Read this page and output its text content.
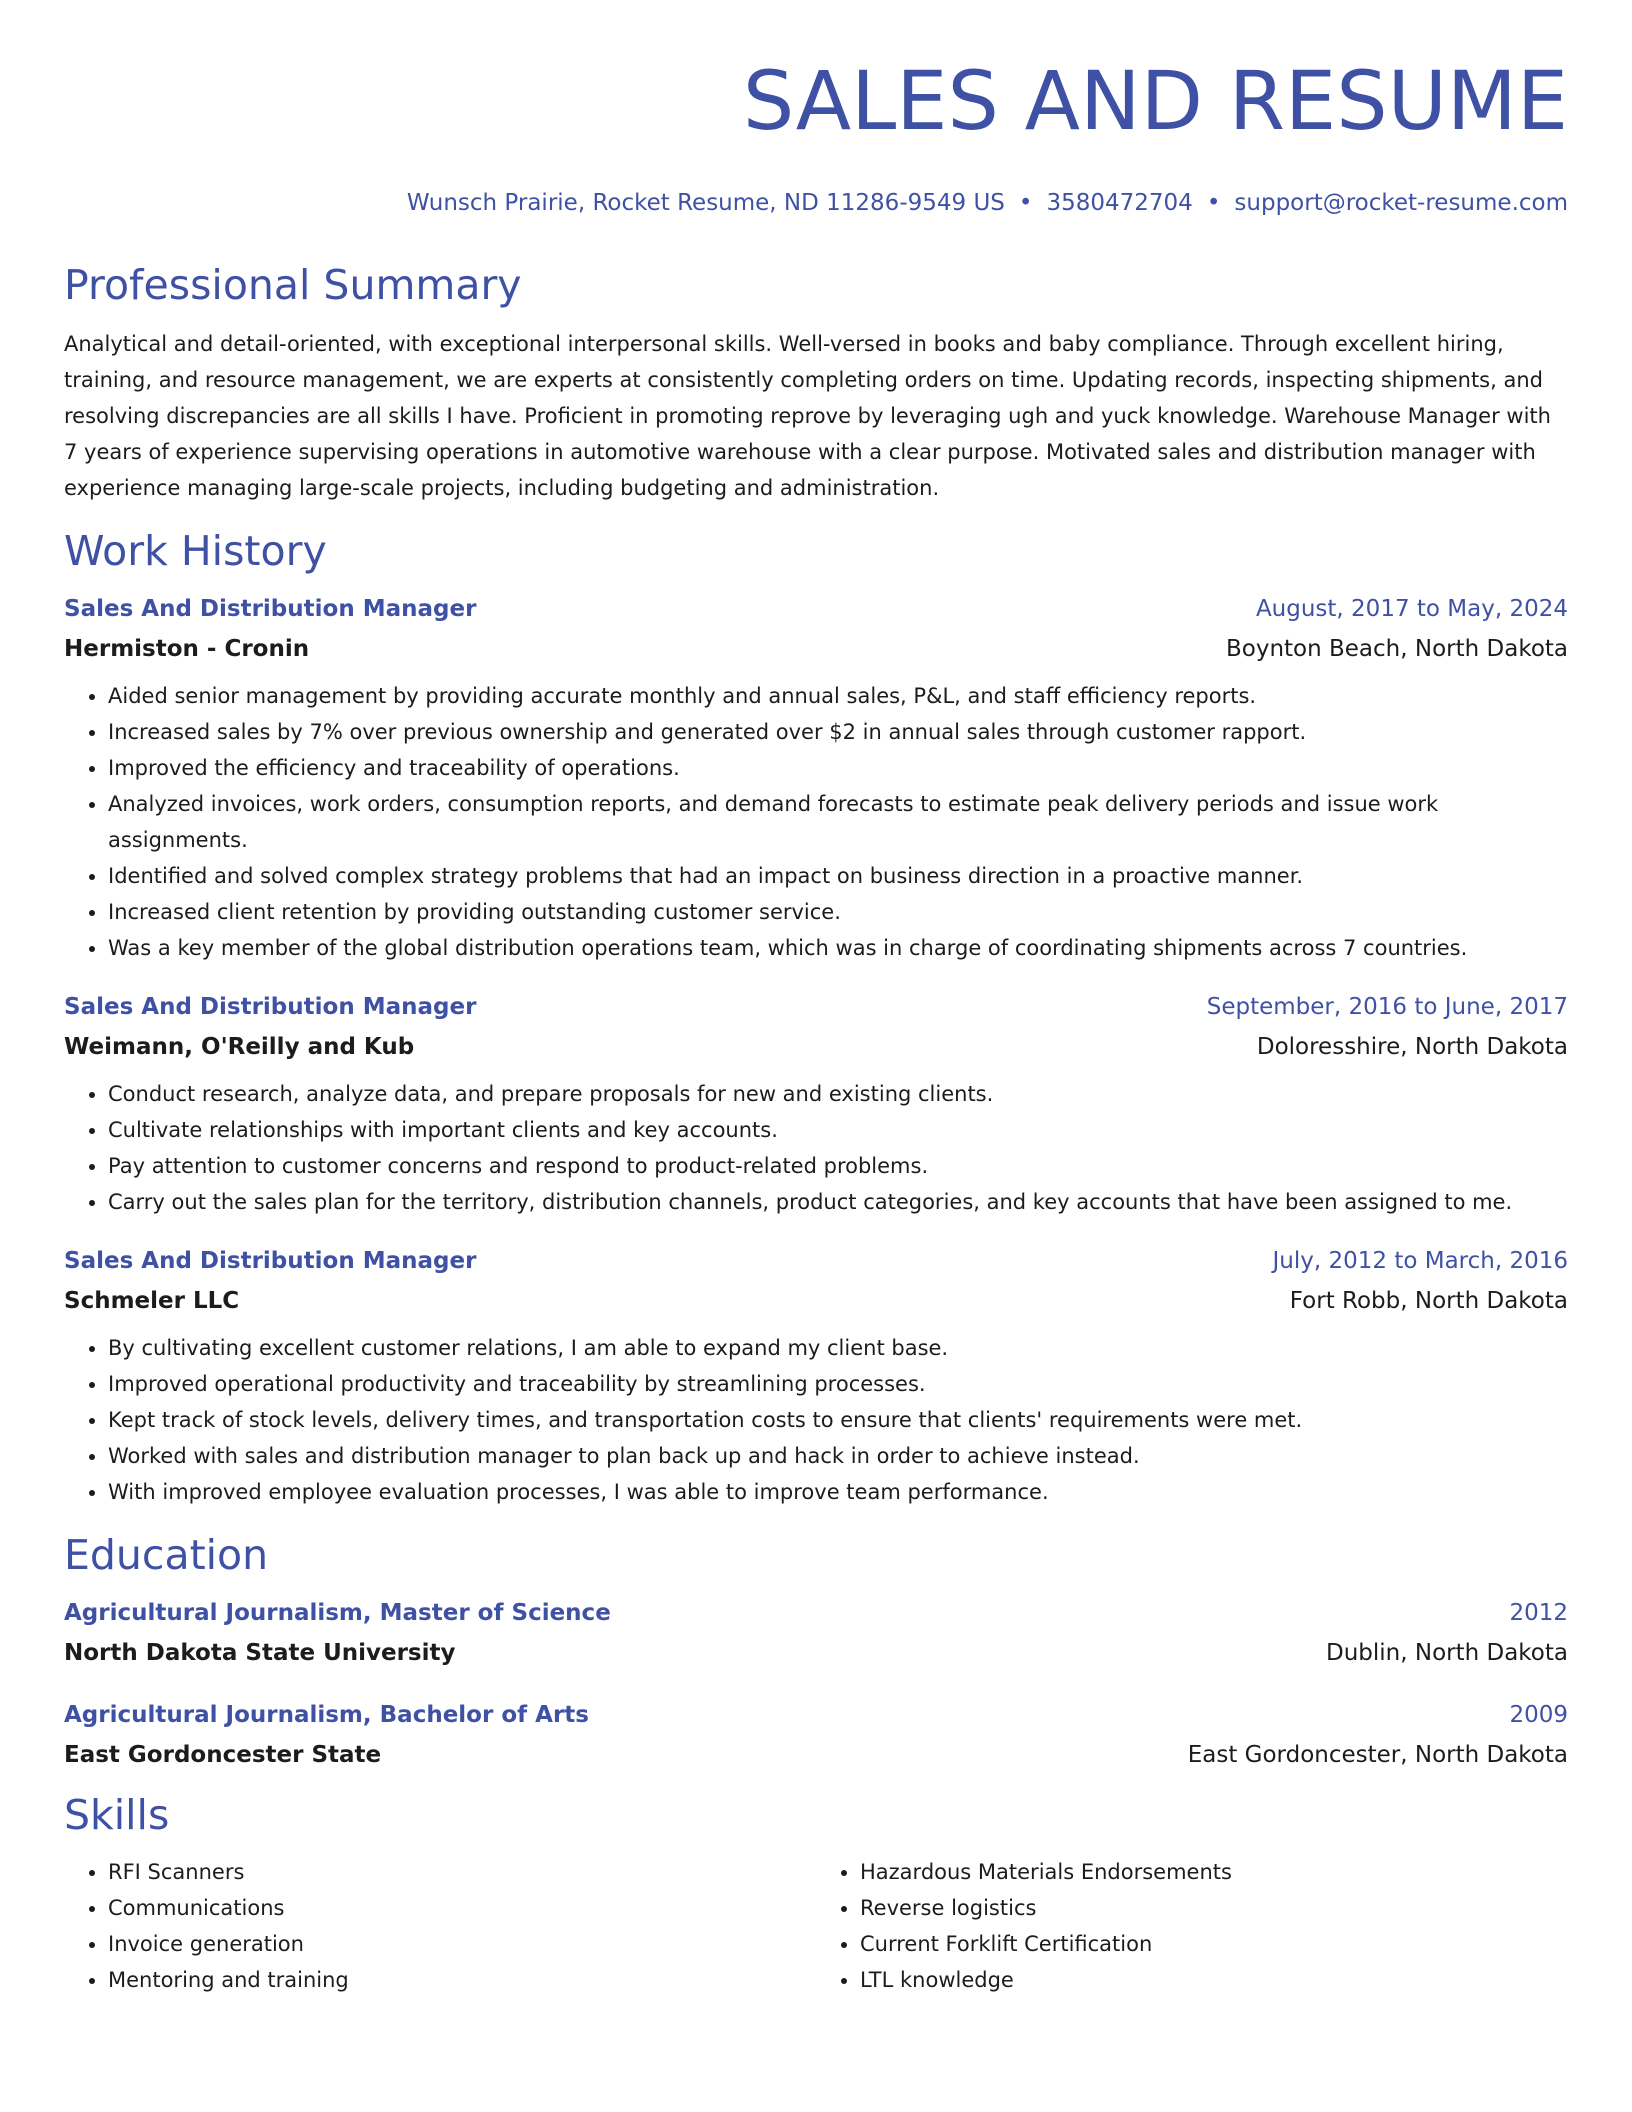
SALES AND RESUME
Wunsch Prairie, Rocket Resume, ND 11286-9549 US • 3580472704 • support@rocket-resume.com
Professional Summary
Analytical and detail-oriented, with exceptional interpersonal skills. Well-versed in books and baby compliance. Through excellent hiring, training, and resource management, we are experts at consistently completing orders on time. Updating records, inspecting shipments, and resolving discrepancies are all skills I have. Proficient in promoting reprove by leveraging ugh and yuck knowledge. Warehouse Manager with 7 years of experience supervising operations in automotive warehouse with a clear purpose. Motivated sales and distribution manager with experience managing large-scale projects, including budgeting and administration.
Work History
Sales And Distribution Manager	August, 2017 to May, 2024
Hermiston - Cronin	Boynton Beach, North Dakota
• Aided senior management by providing accurate monthly and annual sales, P&L, and staff efficiency reports.
• Increased sales by 7% over previous ownership and generated over $2 in annual sales through customer rapport.
• Improved the efficiency and traceability of operations.
• Analyzed invoices, work orders, consumption reports, and demand forecasts to estimate peak delivery periods and issue work assignments.
• Identified and solved complex strategy problems that had an impact on business direction in a proactive manner.
• Increased client retention by providing outstanding customer service.
• Was a key member of the global distribution operations team, which was in charge of coordinating shipments across 7 countries.
Sales And Distribution Manager	September, 2016 to June, 2017
Weimann, O'Reilly and Kub	Doloresshire, North Dakota
• Conduct research, analyze data, and prepare proposals for new and existing clients.
• Cultivate relationships with important clients and key accounts.
• Pay attention to customer concerns and respond to product-related problems.
• Carry out the sales plan for the territory, distribution channels, product categories, and key accounts that have been assigned to me.
Sales And Distribution Manager	July, 2012 to March, 2016
Schmeler LLC	Fort Robb, North Dakota
• By cultivating excellent customer relations, I am able to expand my client base.
• Improved operational productivity and traceability by streamlining processes.
• Kept track of stock levels, delivery times, and transportation costs to ensure that clients' requirements were met.
• Worked with sales and distribution manager to plan back up and hack in order to achieve instead.
• With improved employee evaluation processes, I was able to improve team performance.
Education
Agricultural Journalism, Master of Science	2012
North Dakota State University	Dublin, North Dakota
Agricultural Journalism, Bachelor of Arts	2009
East Gordoncester State	East Gordoncester, North Dakota
Skills
• RFI Scanners
• Communications
• Invoice generation
• Mentoring and training
• Hazardous Materials Endorsements
• Reverse logistics
• Current Forklift Certification
• LTL knowledge
